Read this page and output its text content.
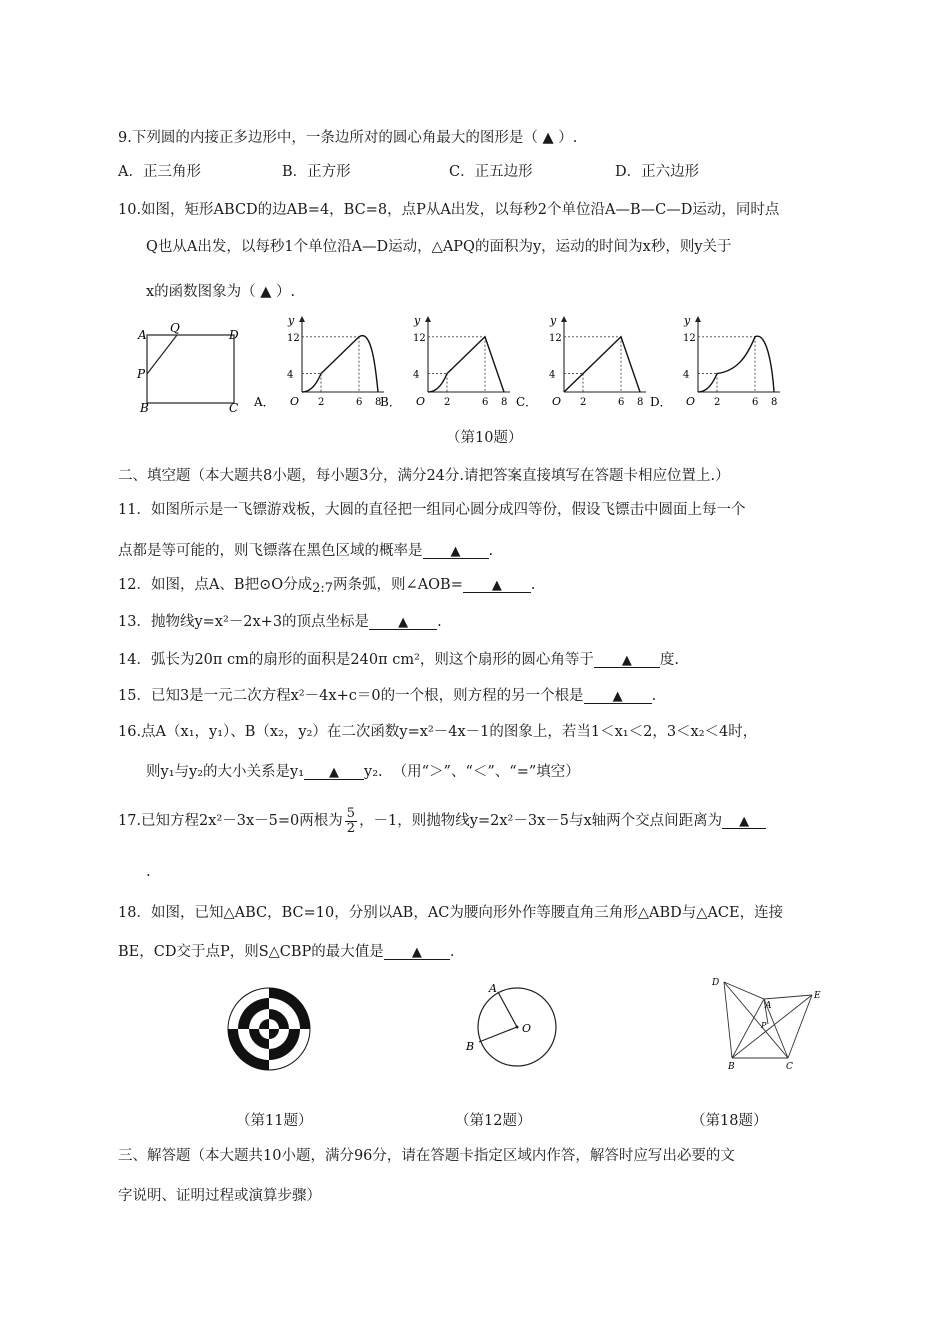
9.下列圆的内接正多边形中，一条边所对的圆心角最大的图形是（ ▲ ）.
A．正三角形	B．正方形	C．正五边形	D．正六边形
10.如图，矩形ABCD的边AB=4，BC=8，点P从A出发，以每秒2个单位沿A—B—C—D运动，同时点
Q也从A出发，以每秒1个单位沿A—D运动，△APQ的面积为y，运动的时间为x秒，则y关于
x的函数图象为（ ▲ ）.
A Q	D
P
B	C A．
y
O 2	6 8
4
12
B．
y
O 2	6 8
4
12
C．
y
O 2	6 8
4
12
D．
y
O 2	6 8
4
12
（第10题）
二、填空题（本大题共8小题，每小题3分，满分24分.请把答案直接填写在答题卡相应位置上.）
11．如图所示是一飞镖游戏板，大圆的直径把一组同心圆分成四等份，假设飞镖击中圆面上每一个
点都是等可能的，则飞镖落在黑色区域的概率是 ▲ .
12．如图，点A、B把⊙O分成2:7两条弧，则∠AOB= ▲ .
13．抛物线y=x²－2x+3的顶点坐标是 ▲ .
14．弧长为20π cm的扇形的面积是240π cm²，则这个扇形的圆心角等于 ▲ 度.
15．已知3是一元二次方程x²－4x+c＝0的一个根，则方程的另一个根是 ▲ .
16.点A（x₁，y₁）、B（x₂，y₂）在二次函数y=x²－4x－1的图象上，若当1＜x₁＜2，3＜x₂＜4时，
则y₁与y₂的大小关系是y₁ ▲ y₂. （用“＞”、“＜”、“=”填空）
17.已知方程2x²－3x－5=0两根为 $\frac{5}{2}$ ，－1，则抛物线y=2x²－3x－5与x轴两个交点间距离为 ▲
.
18．如图，已知△ABC，BC=10，分别以AB，AC为腰向形外作等腰直角三角形△ABD与△ACE，连接
BE，CD交于点P，则S△CBP的最大值是 ▲ .
A
O
B
D
A
E
P
B	C
（第11题）	（第12题）	（第18题）
三、解答题（本大题共10小题，满分96分，请在答题卡指定区域内作答，解答时应写出必要的文
字说明、证明过程或演算步骤）
